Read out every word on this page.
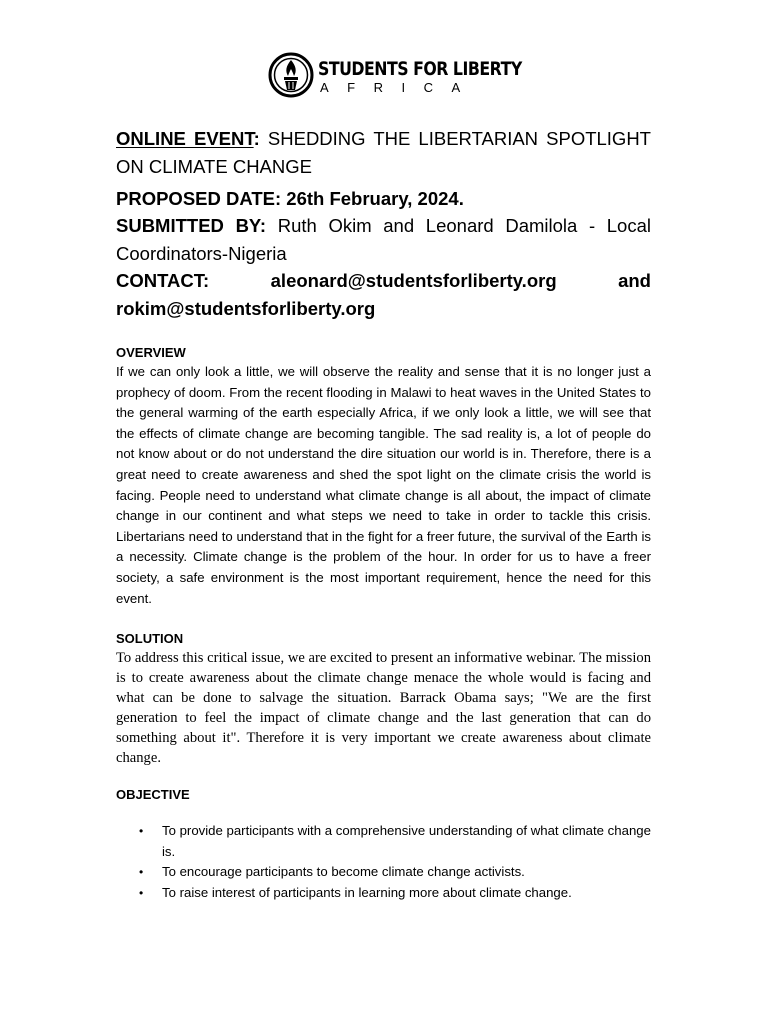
STUDENTS FOR LIBERTY
AFRICA
ONLINE EVENT: SHEDDING THE LIBERTARIAN SPOTLIGHT ON CLIMATE CHANGE
PROPOSED DATE: 26th February, 2024.
SUBMITTED BY: Ruth Okim and Leonard Damilola - Local Coordinators-Nigeria
CONTACT:	aleonard@studentsforliberty.org	and
rokim@studentsforliberty.org
OVERVIEW
If we can only look a little, we will observe the reality and sense that it is no longer just a prophecy of doom. From the recent flooding in Malawi to heat waves in the United States to the general warming of the earth especially Africa, if we only look a little, we will see that the effects of climate change are becoming tangible. The sad reality is, a lot of people do not know about or do not understand the dire situation our world is in. Therefore, there is a great need to create awareness and shed the spot light on the climate crisis the world is facing. People need to understand what climate change is all about, the impact of climate change in our continent and what steps we need to take in order to tackle this crisis. Libertarians need to understand that in the fight for a freer future, the survival of the Earth is a necessity. Climate change is the problem of the hour. In order for us to have a freer society, a safe environment is the most important requirement, hence the need for this event.
SOLUTION
To address this critical issue, we are excited to present an informative webinar. The mission is to create awareness about the climate change menace the whole would is facing and what can be done to salvage the situation. Barrack Obama says; "We are the first generation to feel the impact of climate change and the last generation that can do something about it". Therefore it is very important we create awareness about climate change.
OBJECTIVE
• To provide participants with a comprehensive understanding of what climate change is.
• To encourage participants to become climate change activists.
• To raise interest of participants in learning more about climate change.
